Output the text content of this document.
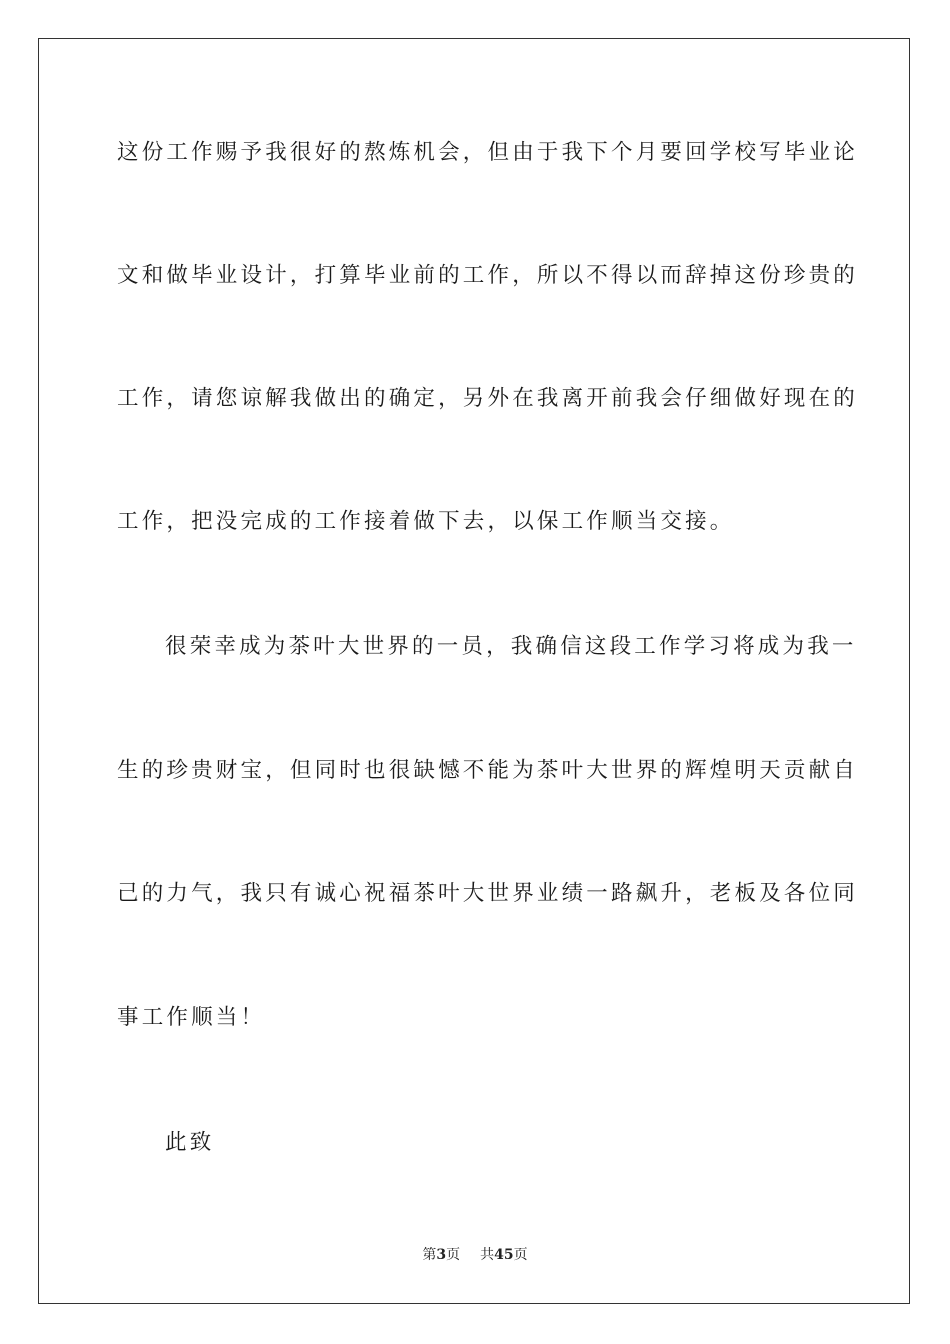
这份工作赐予我很好的熬炼机会，但由于我下个月要回学校写毕业论
文和做毕业设计，打算毕业前的工作，所以不得以而辞掉这份珍贵的
工作，请您谅解我做出的确定，另外在我离开前我会仔细做好现在的
工作，把没完成的工作接着做下去，以保工作顺当交接。
很荣幸成为茶叶大世界的一员，我确信这段工作学习将成为我一
生的珍贵财宝，但同时也很缺憾不能为茶叶大世界的辉煌明天贡献自
己的力气，我只有诚心祝福茶叶大世界业绩一路飙升，老板及各位同
事工作顺当！
此致
第3页 共45页
